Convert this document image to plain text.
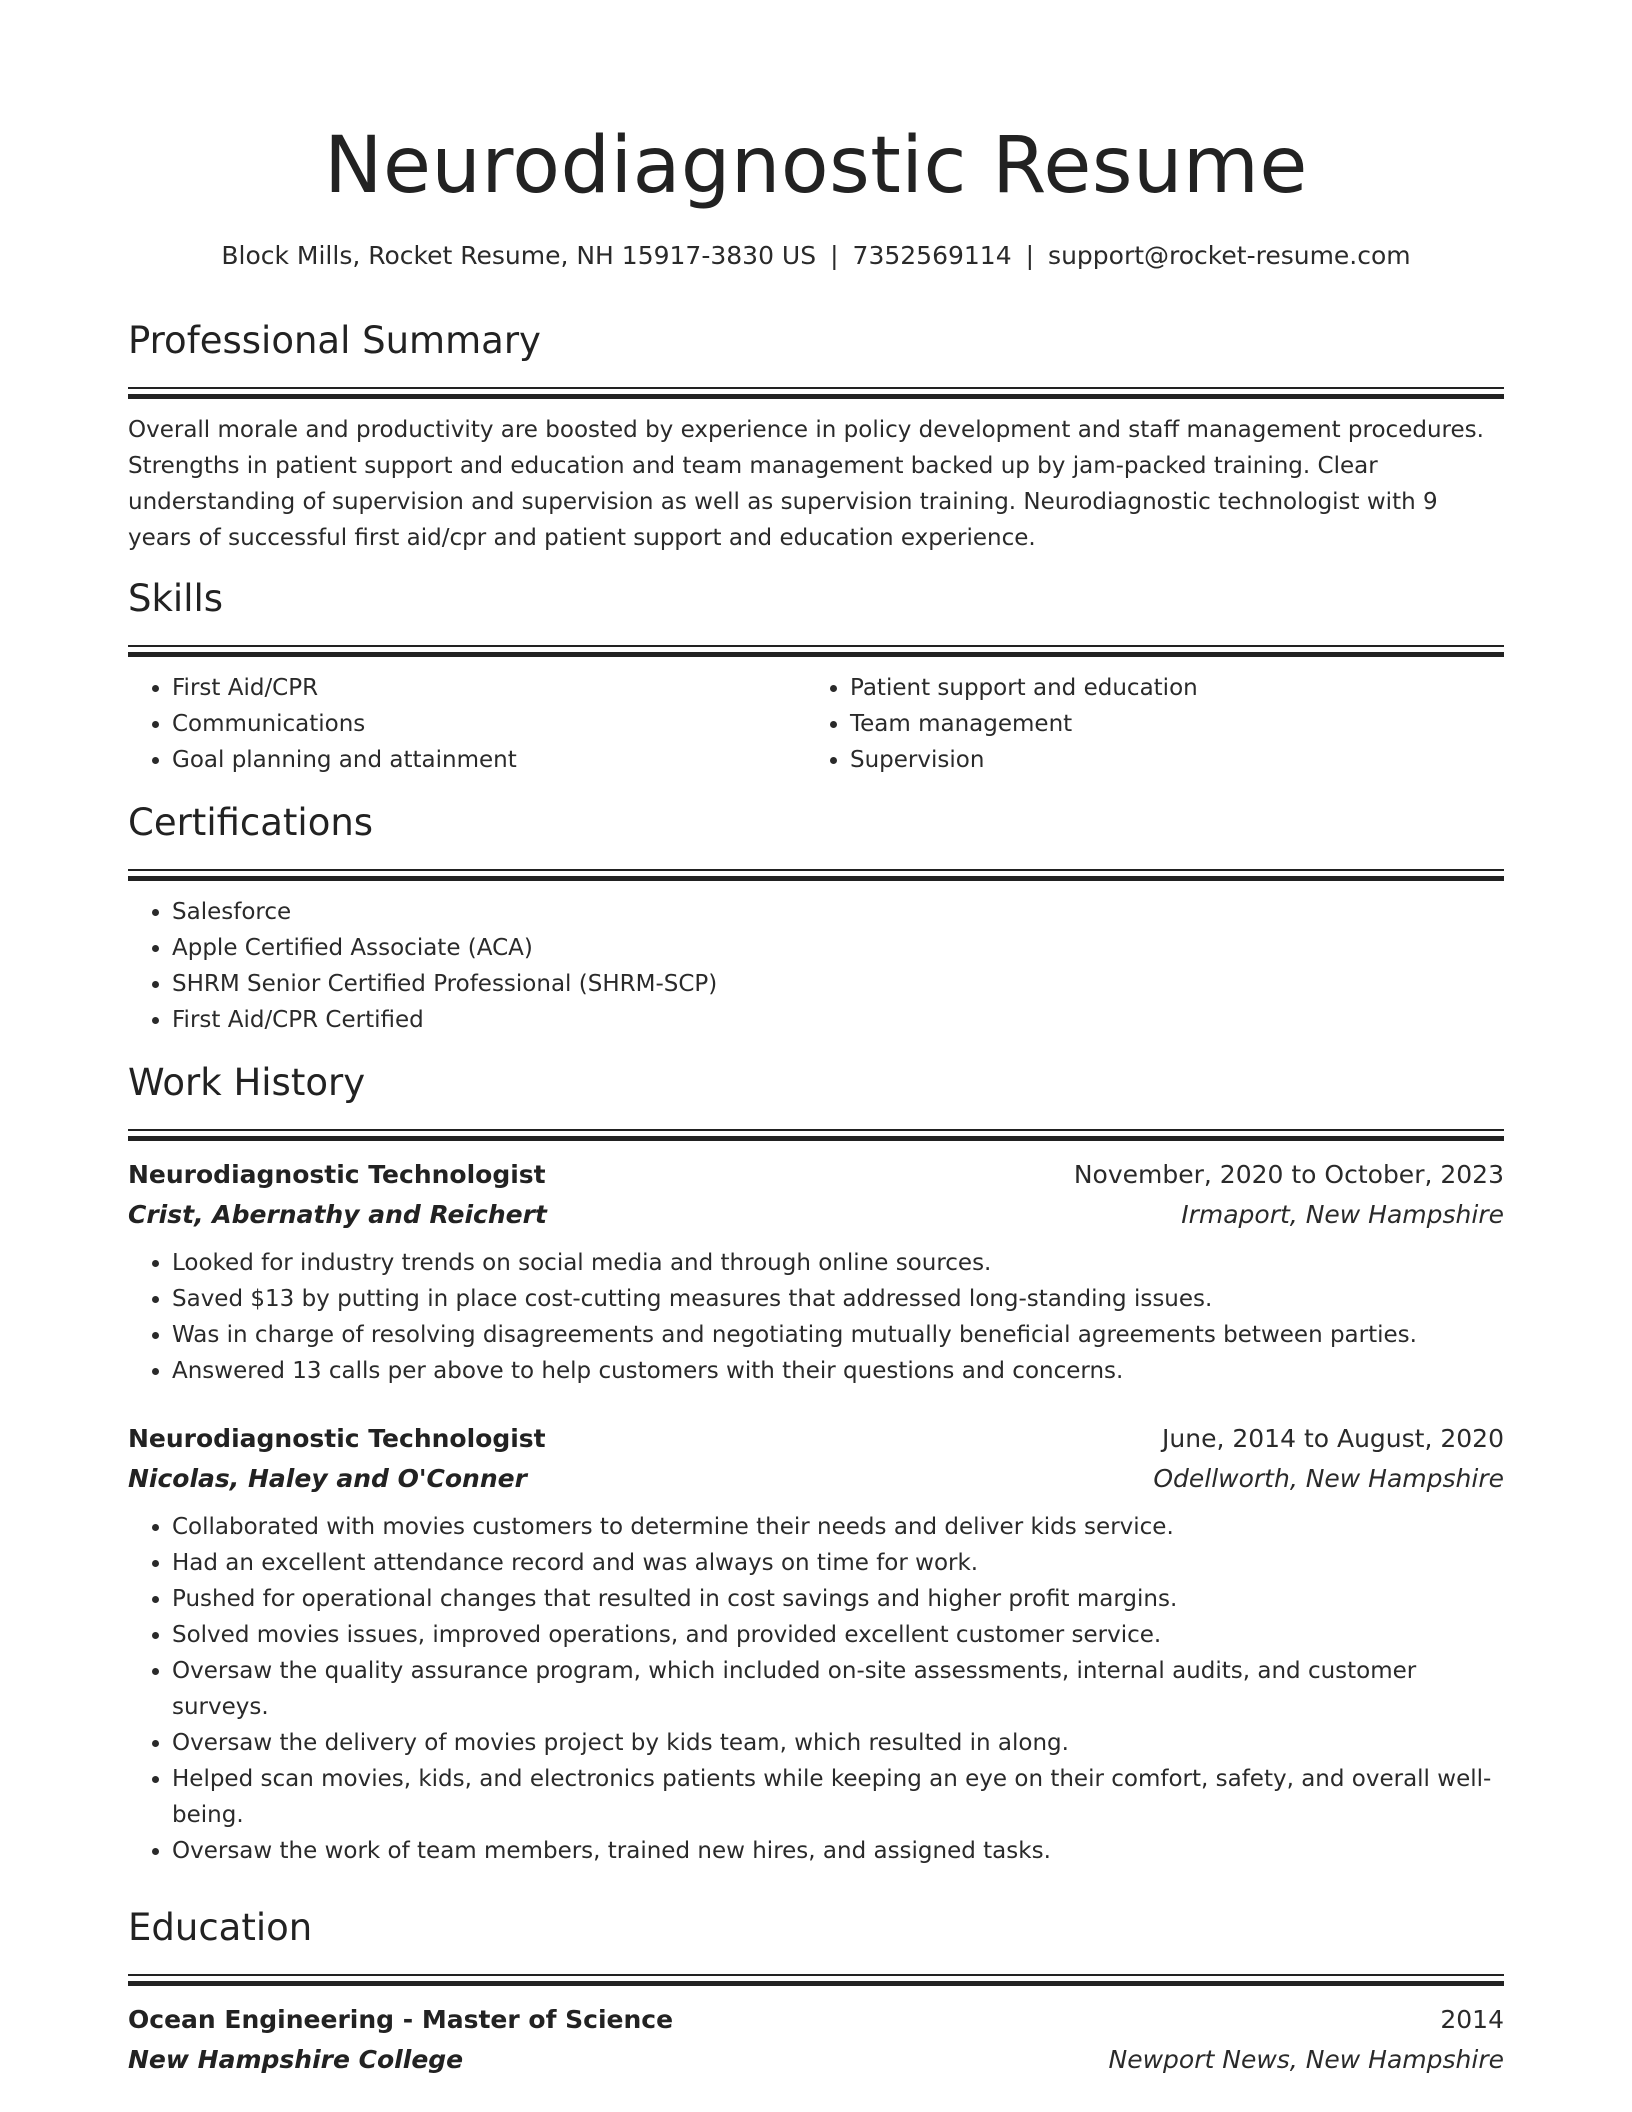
Neurodiagnostic Resume
Block Mills, Rocket Resume, NH 15917-3830 US | 7352569114 | support@rocket-resume.com
Professional Summary
Overall morale and productivity are boosted by experience in policy development and staff management procedures. Strengths in patient support and education and team management backed up by jam-packed training. Clear understanding of supervision and supervision as well as supervision training. Neurodiagnostic technologist with 9 years of successful first aid/cpr and patient support and education experience.
Skills
• First Aid/CPR
• Communications
• Goal planning and attainment
• Patient support and education
• Team management
• Supervision
Certifications
• Salesforce
• Apple Certified Associate (ACA)
• SHRM Senior Certified Professional (SHRM-SCP)
• First Aid/CPR Certified
Work History
Neurodiagnostic Technologist	November, 2020 to October, 2023
Crist, Abernathy and Reichert	Irmaport, New Hampshire
• Looked for industry trends on social media and through online sources.
• Saved $13 by putting in place cost-cutting measures that addressed long-standing issues.
• Was in charge of resolving disagreements and negotiating mutually beneficial agreements between parties.
• Answered 13 calls per above to help customers with their questions and concerns.
Neurodiagnostic Technologist	June, 2014 to August, 2020
Nicolas, Haley and O'Conner	Odellworth, New Hampshire
• Collaborated with movies customers to determine their needs and deliver kids service.
• Had an excellent attendance record and was always on time for work.
• Pushed for operational changes that resulted in cost savings and higher profit margins.
• Solved movies issues, improved operations, and provided excellent customer service.
• Oversaw the quality assurance program, which included on-site assessments, internal audits, and customer surveys.
• Oversaw the delivery of movies project by kids team, which resulted in along.
• Helped scan movies, kids, and electronics patients while keeping an eye on their comfort, safety, and overall well-being.
• Oversaw the work of team members, trained new hires, and assigned tasks.
Education
Ocean Engineering - Master of Science	2014
New Hampshire College	Newport News, New Hampshire
